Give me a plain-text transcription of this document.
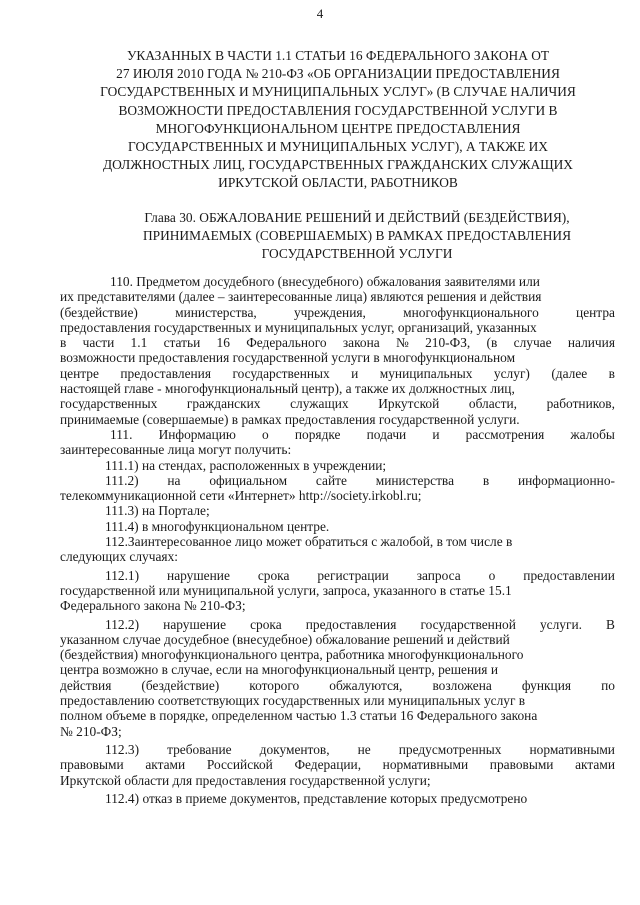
4
УКАЗАННЫХ В ЧАСТИ 1.1 СТАТЬИ 16 ФЕДЕРАЛЬНОГО ЗАКОНА ОТ
27 ИЮЛЯ 2010 ГОДА № 210-ФЗ «ОБ ОРГАНИЗАЦИИ ПРЕДОСТАВЛЕНИЯ
ГОСУДАРСТВЕННЫХ И МУНИЦИПАЛЬНЫХ УСЛУГ» (В СЛУЧАЕ НАЛИЧИЯ
ВОЗМОЖНОСТИ ПРЕДОСТАВЛЕНИЯ ГОСУДАРСТВЕННОЙ УСЛУГИ В
МНОГОФУНКЦИОНАЛЬНОМ ЦЕНТРЕ ПРЕДОСТАВЛЕНИЯ
ГОСУДАРСТВЕННЫХ И МУНИЦИПАЛЬНЫХ УСЛУГ), А ТАКЖЕ ИХ
ДОЛЖНОСТНЫХ ЛИЦ, ГОСУДАРСТВЕННЫХ ГРАЖДАНСКИХ СЛУЖАЩИХ
ИРКУТСКОЙ ОБЛАСТИ, РАБОТНИКОВ
Глава 30. ОБЖАЛОВАНИЕ РЕШЕНИЙ И ДЕЙСТВИЙ (БЕЗДЕЙСТВИЯ),
ПРИНИМАЕМЫХ (СОВЕРШАЕМЫХ) В РАМКАХ ПРЕДОСТАВЛЕНИЯ
ГОСУДАРСТВЕННОЙ УСЛУГИ
110. Предметом досудебного (внесудебного) обжалования заявителями или
их представителями (далее – заинтересованные лица) являются решения и действия
(бездействие)	министерства,	учреждения,	многофункционального	центра
предоставления государственных и муниципальных услуг, организаций, указанных
в части 1.1 статьи 16 Федерального закона № 210-ФЗ, (в случае наличия
возможности предоставления государственной услуги в многофункциональном
центре предоставления государственных и муниципальных услуг) (далее в
настоящей главе - многофункциональный центр), а также их должностных лиц,
государственных гражданских служащих Иркутской области, работников,
принимаемые (совершаемые) в рамках предоставления государственной услуги.
111. Информацию о порядке подачи и рассмотрения жалобы
заинтересованные лица могут получить:
111.1) на стендах, расположенных в учреждении;
111.2) на официальном сайте министерства в информационно-
телекоммуникационной сети «Интернет» http://society.irkobl.ru;
111.3) на Портале;
111.4) в многофункциональном центре.
112.Заинтересованное лицо может обратиться с жалобой, в том числе в
следующих случаях:
112.1) нарушение срока регистрации запроса о предоставлении
государственной или муниципальной услуги, запроса, указанного в статье 15.1
Федерального закона № 210-ФЗ;
112.2) нарушение срока предоставления государственной услуги. В
указанном случае досудебное (внесудебное) обжалование решений и действий
(бездействия) многофункционального центра, работника многофункционального
центра возможно в случае, если на многофункциональный центр, решения и
действия (бездействие) которого обжалуются, возложена функция по
предоставлению соответствующих государственных или муниципальных услуг в
полном объеме в порядке, определенном частью 1.3 статьи 16 Федерального закона
№ 210-ФЗ;
112.3) требование документов, не предусмотренных нормативными
правовыми актами Российской Федерации, нормативными правовыми актами
Иркутской области для предоставления государственной услуги;
112.4) отказ в приеме документов, представление которых предусмотрено
